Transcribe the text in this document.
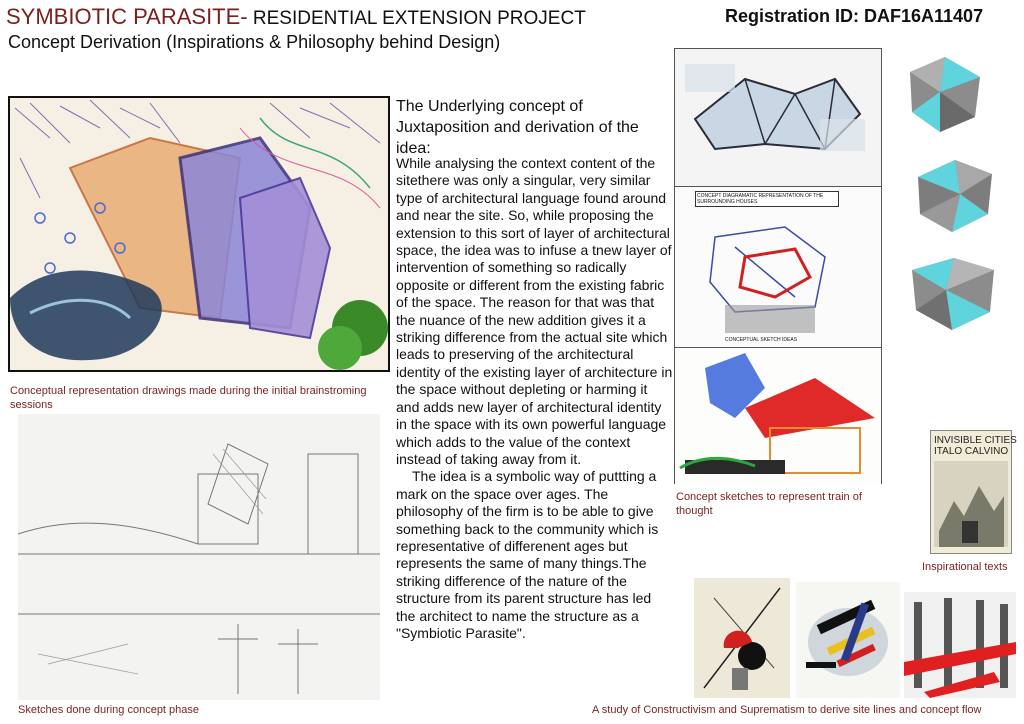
SYMBIOTIC PARASITE- RESIDENTIAL EXTENSION PROJECT	Registration ID: DAF16A11407
Concept Derivation (Inspirations & Philosophy behind Design)
Conceptual representation drawings made during the initial brainstroming sessions
Sketches done during concept phase
The Underlying concept of Juxtaposition and derivation of the idea:

While analysing the context content of the sitethere was only a singular, very similar type of architectural language found around and near the site. So, while proposing the extension to this sort of layer of architectural space, the idea was to infuse a tnew layer of intervention of something so radically opposite or different from the existing fabric of the space. The reason for that was that the nuance of the new addition gives it a striking difference from the actual site which leads to preserving of the architectural identity of the existing layer of architecture in the space without depleting or harming it and adds new layer of architectural identity in the space with its own powerful language which adds to the value of the context instead of taking away from it.

The idea is a symbolic way of puttting a mark on the space over ages. The philosophy of the firm is to be able to give something back to the community which is representative of differenent ages but represents the samе of many things.The striking difference of the nature of the structure from its parent structure has led the architect to name the structure as a "Symbiotic Parasite".

CONCEPT DIAGRAMATIC REPRESENTATION OF THE SURROUNDING HOUSES
CONCEPTUAL SKETCH IDEAS
Concept sketches to represent train of thought
INVISIBLE CITIES
ITALO CALVINO
Inspirational texts
A study of Constructivism and Suprematism to derive site lines and concept flow
